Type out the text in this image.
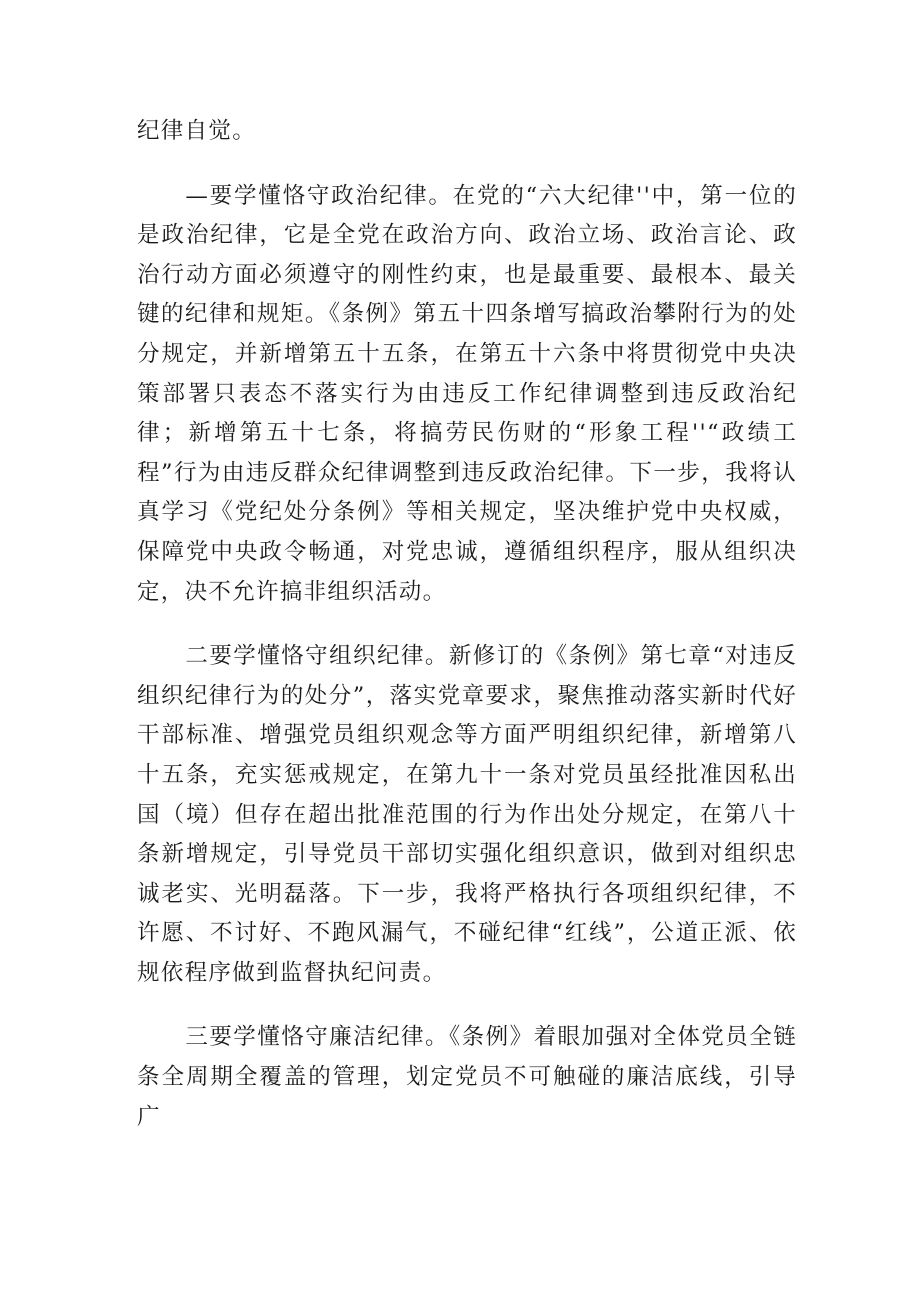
纪律自觉。

—要学懂恪守政治纪律。在党的“六大纪律''中，第一位的是政治纪律，它是全党在政治方向、政治立场、政治言论、政治行动方面必须遵守的刚性约束，也是最重要、最根本、最关键的纪律和规矩。《条例》第五十四条增写搞政治攀附行为的处分规定，并新增第五十五条，在第五十六条中将贯彻党中央决策部署只表态不落实行为由违反工作纪律调整到违反政治纪律；新增第五十七条，将搞劳民伤财的“形象工程''“政绩工程”行为由违反群众纪律调整到违反政治纪律。下一步，我将认真学习《党纪处分条例》等相关规定，坚决维护党中央权威，保障党中央政令畅通，对党忠诚，遵循组织程序，服从组织决定，决不允许搞非组织活动。

二要学懂恪守组织纪律。新修订的《条例》第七章“对违反组织纪律行为的处分”，落实党章要求，聚焦推动落实新时代好干部标准、增强党员组织观念等方面严明组织纪律，新增第八十五条，充实惩戒规定，在第九十一条对党员虽经批准因私出国（境）但存在超出批准范围的行为作出处分规定，在第八十条新增规定，引导党员干部切实强化组织意识，做到对组织忠诚老实、光明磊落。下一步，我将严格执行各项组织纪律，不许愿、不讨好、不跑风漏气，不碰纪律“红线”，公道正派、依规依程序做到监督执纪问责。

三要学懂恪守廉洁纪律。《条例》着眼加强对全体党员全链条全周期全覆盖的管理，划定党员不可触碰的廉洁底线，引导广
